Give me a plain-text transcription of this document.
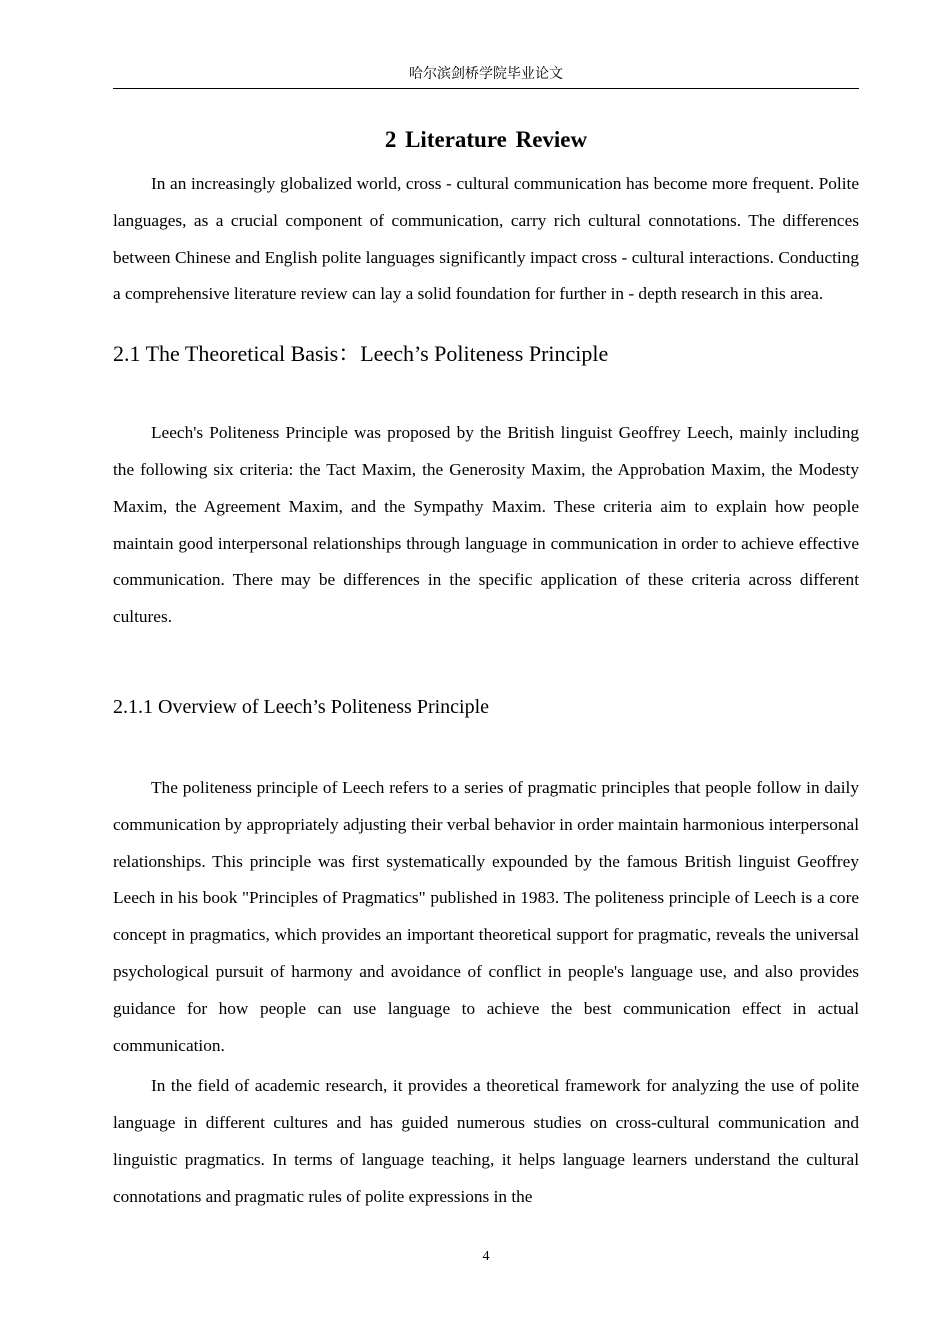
哈尔滨剑桥学院毕业论文
2 Literature Review

In an increasingly globalized world, cross - cultural communication has become more frequent. Polite languages, as a crucial component of communication, carry rich cultural connotations. The differences between Chinese and English polite languages significantly impact cross - cultural interactions. Conducting a comprehensive literature review can lay a solid foundation for further in - depth research in this area.

2.1 The Theoretical Basis：Leech’s Politeness Principle

Leech's Politeness Principle was proposed by the British linguist Geoffrey Leech, mainly including the following six criteria: the Tact Maxim, the Generosity Maxim, the Approbation Maxim, the Modesty Maxim, the Agreement Maxim, and the Sympathy Maxim. These criteria aim to explain how people maintain good interpersonal relationships through language in communication in order to achieve effective communication. There may be differences in the specific application of these criteria across different cultures.

2.1.1 Overview of Leech’s Politeness Principle

The politeness principle of Leech refers to a series of pragmatic principles that people follow in daily communication by appropriately adjusting their verbal behavior in order maintain harmonious interpersonal relationships. This principle was first systematically expounded by the famous British linguist Geoffrey Leech in his book "Principles of Pragmatics" published in 1983. The politeness principle of Leech is a core concept in pragmatics, which provides an important theoretical support for pragmatic, reveals the universal psychological pursuit of harmony and avoidance of conflict in people's language use, and also provides guidance for how people can use language to achieve the best communication effect in actual communication.

In the field of academic research, it provides a theoretical framework for analyzing the use of polite language in different cultures and has guided numerous studies on cross-cultural communication and linguistic pragmatics. In terms of language teaching, it helps language learners understand the cultural connotations and pragmatic rules of polite expressions in the

4
